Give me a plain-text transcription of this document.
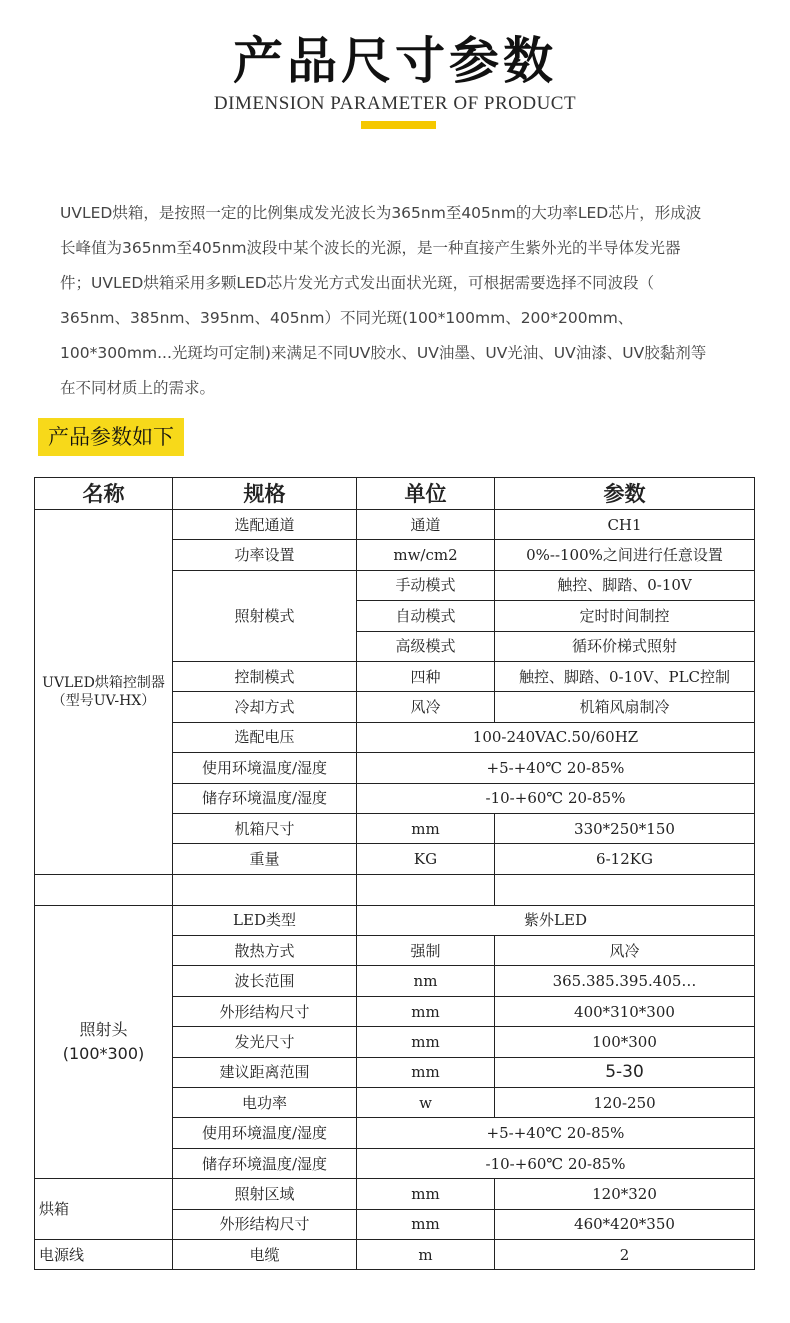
产品尺寸参数
DIMENSION PARAMETER OF PRODUCT

UVLED烘箱，是按照一定的比例集成发光波长为365nm至405nm的大功率LED芯片，形成波

长峰值为365nm至405nm波段中某个波长的光源，是一种直接产生紫外光的半导体发光器

件；UVLED烘箱采用多颗LED芯片发光方式发出面状光斑，可根据需要选择不同波段（

365nm、385nm、395nm、405nm）不同光斑(100*100mm、200*200mm、

100*300mm...光斑均可定制)来满足不同UV胶水、UV油墨、UV光油、UV油漆、UV胶黏剂等

在不同材质上的需求。

产品参数如下
名称	规格	单位	参数
UVLED烘箱控制器（型号UV-HX）	选配通道	通道	CH1
	功率设置	mw/cm2	0%--100%之间进行任意设置
	照射模式	手动模式	触控、脚踏、0-10V
		自动模式	定时时间制控
		高级模式	循环价梯式照射
	控制模式	四种	触控、脚踏、0-10V、PLC控制
	冷却方式	风冷	机箱风扇制冷
	选配电压	100-240VAC.50/60HZ	
	使用环境温度/湿度	+5-+40℃ 20-85%	
	储存环境温度/湿度	-10-+60℃ 20-85%	
	机箱尺寸	mm	330*250*150
	重量	KG	6-12KG

照射头
(100*300)	LED类型	紫外LED	
	散热方式	强制	风冷
	波长范围	nm	365.385.395.405…
	外形结构尺寸	mm	400*310*300
	发光尺寸	mm	100*300
	建议距离范围	mm	5-30
	电功率	w	120-250
	使用环境温度/湿度	+5-+40℃ 20-85%	
	储存环境温度/湿度	-10-+60℃ 20-85%	
烘箱	照射区域	mm	120*320
	外形结构尺寸	mm	460*420*350
电源线	电缆	m	2
